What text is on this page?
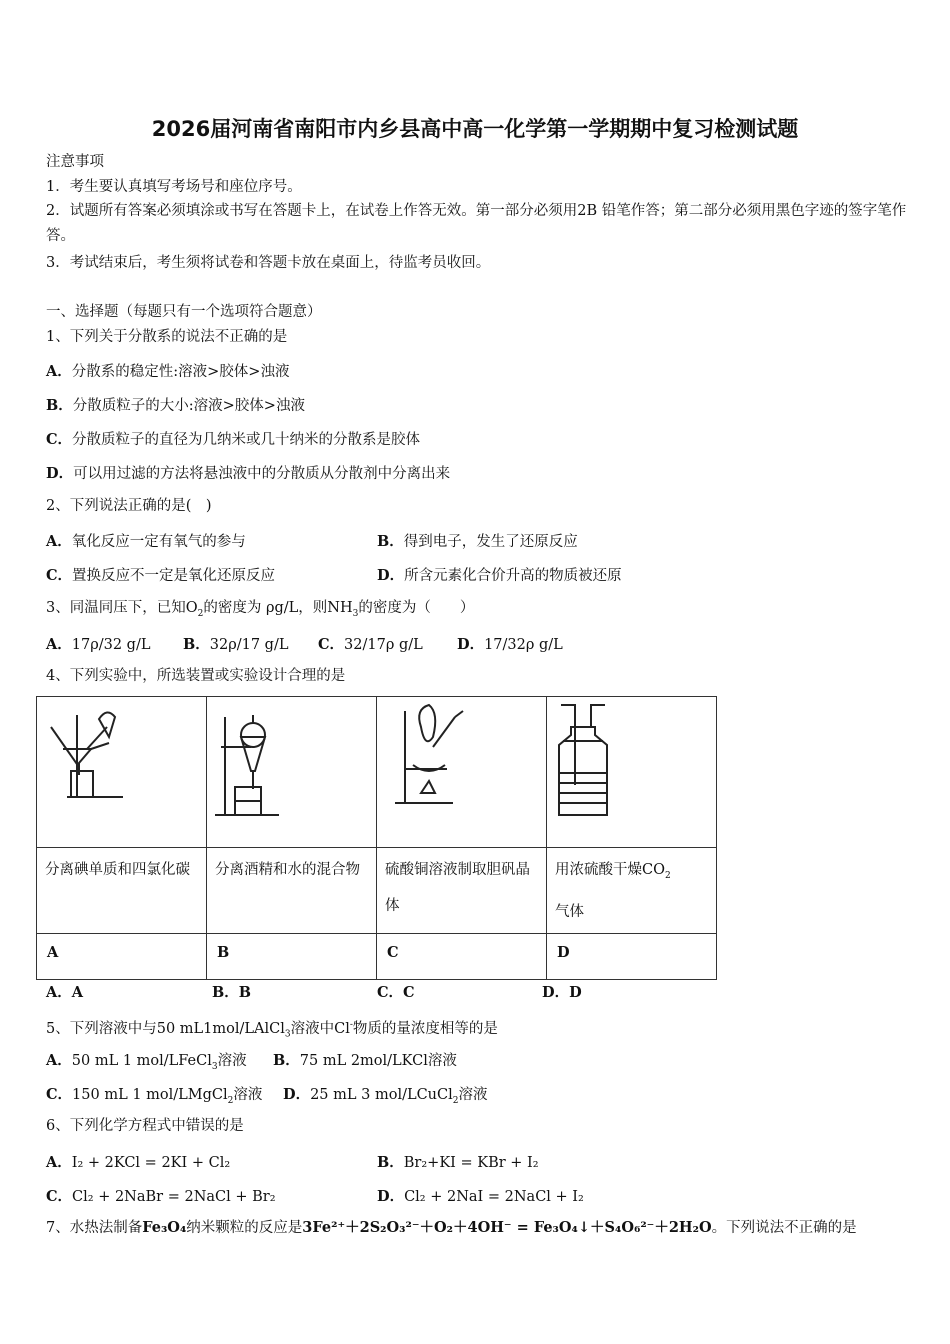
2026届河南省南阳市内乡县高中高一化学第一学期期中复习检测试题
注意事项
1．考生要认真填写考场号和座位序号。
2．试题所有答案必须填涂或书写在答题卡上，在试卷上作答无效。第一部分必须用2B 铅笔作答；第二部分必须用黑色字迹的签字笔作答。
3．考试结束后，考生须将试卷和答题卡放在桌面上，待监考员收回。
一、选择题（每题只有一个选项符合题意）
1、下列关于分散系的说法不正确的是
A．分散系的稳定性:溶液>胶体>浊液
B．分散质粒子的大小:溶液>胶体>浊液
C．分散质粒子的直径为几纳米或几十纳米的分散系是胶体
D．可以用过滤的方法将悬浊液中的分散质从分散剂中分离出来
2、下列说法正确的是(　)
A．氧化反应一定有氧气的参与	B．得到电子，发生了还原反应
C．置换反应不一定是氧化还原反应	D．所含元素化合价升高的物质被还原
3、同温同压下，已知$O_2$的密度为 ρg/L，则$NH_3$的密度为（　　）
A．17ρ/32 g/L B．32ρ/17 g/L C．32/17ρ g/L D．17/32ρ g/L
4、下列实验中，所选装置或实验设计合理的是

分离碘单质和四氯化碳	分离酒精和水的混合物	硫酸铜溶液制取胆矾晶体	用浓硫酸干燥$CO_2$
气体
A	B	C	D
A．A	B．B	C．C	D．D
5、下列溶液中与50 mL1mol/LAlCl$_3$溶液中Cl-物质的量浓度相等的是
A．50 mL 1 mol/LFeCl$_3$溶液 B．75 mL 2mol/LKCl溶液
C．150 mL 1 mol/LMgCl$_2$溶液 D．25 mL 3 mol/LCuCl$_2$溶液
6、下列化学方程式中错误的是
A．I₂ + 2KCl = 2KI + Cl₂	B．Br₂+KI = KBr + I₂
C．Cl₂ + 2NaBr = 2NaCl + Br₂	D．Cl₂ + 2NaI = 2NaCl + I₂
7、水热法制备Fe₃O₄纳米颗粒的反应是3Fe²⁺＋2S₂O₃²⁻＋O₂＋4OH⁻ = Fe₃O₄↓＋S₄O₆²⁻＋2H₂O。下列说法不正确的是
